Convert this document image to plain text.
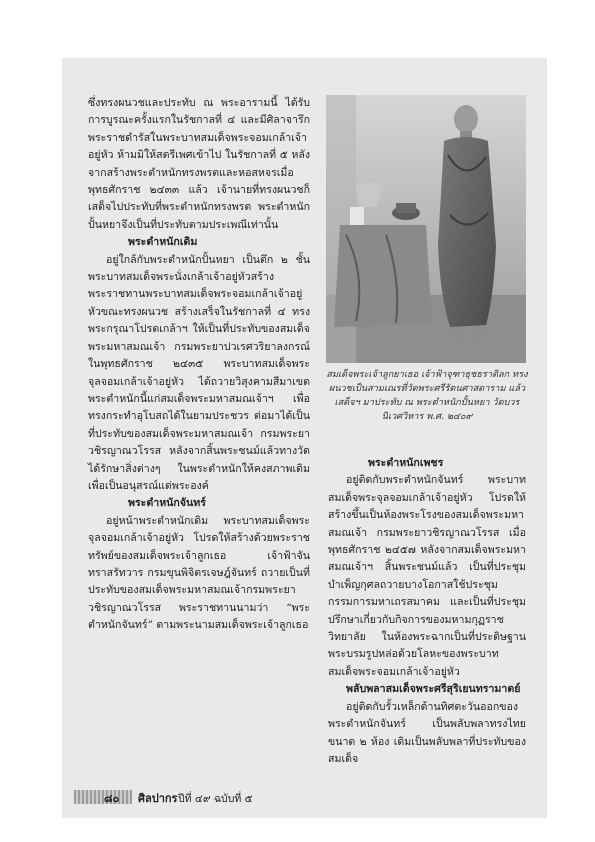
ซึ่งทรงผนวชและประทับ ณ พระอารามนี้ ได้รับการบูรณะครั้งแรกในรัชกาลที่ ๔ และมีศิลาจารึกพระราชดำรัสในพระบาทสมเด็จพระจอมเกล้าเจ้าอยู่หัว ห้ามมิให้สตรีเพศเข้าไป ในรัชกาลที่ ๕ หลังจากสร้างพระตำหนักทรงพรตและหอสหจรเมื่อพุทธศักราช ๒๔๓๓ แล้ว เจ้านายที่ทรงผนวชก็เสด็จไปประทับที่พระตำหนักทรงพรต พระตำหนักปั้นหยาจึงเป็นที่ประทับตามประเพณีเท่านั้น

พระตำหนักเดิม

อยู่ใกล้กับพระตำหนักปั้นหยา เป็นตึก ๒ ชั้น พระบาทสมเด็จพระนั่งเกล้าเจ้าอยู่หัวสร้างพระราชทานพระบาทสมเด็จพระจอมเกล้าเจ้าอยู่หัวขณะทรงผนวช สร้างเสร็จในรัชกาลที่ ๔ ทรงพระกรุณาโปรดเกล้าฯ ให้เป็นที่ประทับของสมเด็จพระมหาสมณเจ้า กรมพระยาปวเรศวริยาลงกรณ์ ในพุทธศักราช ๒๔๓๕ พระบาทสมเด็จพระจุลจอมเกล้าเจ้าอยู่หัว ได้ถวายวิสุงคามสีมาเขตพระตำหนักนี้แก่สมเด็จพระมหาสมณเจ้าฯ เพื่อทรงกระทำอุโบสถได้ในยามประชวร ต่อมาได้เป็นที่ประทับของสมเด็จพระมหาสมณเจ้า กรมพระยาวชิรญาณวโรรส หลังจากสิ้นพระชนม์แล้วทางวัดได้รักษาสิ่งต่างๆ ในพระตำหนักให้คงสภาพเดิมเพื่อเป็นอนุสรณ์แด่พระองค์

พระตำหนักจันทร์

อยู่หน้าพระตำหนักเดิม พระบาทสมเด็จพระจุลจอมเกล้าเจ้าอยู่หัว โปรดให้สร้างด้วยพระราชทรัพย์ของสมเด็จพระเจ้าลูกเธอ เจ้าฟ้าจันทราสรัทวาร กรมขุนพิจิตรเจษฎ์จันทร์ ถวายเป็นที่ประทับของสมเด็จพระมหาสมณเจ้ากรมพระยาวชิรญาณวโรรส พระราชทานนามว่า “พระตำหนักจันทร์” ตามพระนามสมเด็จพระเจ้าลูกเธอ

สมเด็จพระเจ้าลูกยาเธอ เจ้าฟ้าจุฑาธุชธราดิลก ทรงผนวชเป็นสามเณรที่วัดพระศรีรัตนศาสดาราม แล้วเสด็จฯ มาประทับ ณ พระตำหนักปั้นหยา วัดบวรนิเวศวิหาร พ.ศ. ๒๔๐๙

พระตำหนักเพชร

อยู่ติดกับพระตำหนักจันทร์ พระบาทสมเด็จพระจุลจอมเกล้าเจ้าอยู่หัว โปรดให้สร้างขึ้นเป็นห้องพระโรงของสมเด็จพระมหาสมณเจ้า กรมพระยาวชิรญาณวโรรส เมื่อพุทธศักราช ๒๔๕๗ หลังจากสมเด็จพระมหาสมณเจ้าฯ สิ้นพระชนม์แล้ว เป็นที่ประชุมบำเพ็ญกุศลถวายบางโอกาสใช้ประชุมกรรมการมหาเถรสมาคม และเป็นที่ประชุมปรึกษาเกี่ยวกับกิจการของมหามกุฏราชวิทยาลัย ในห้องพระฉากเป็นที่ประดิษฐานพระบรมรูปหล่อด้วยโลหะของพระบาทสมเด็จพระจอมเกล้าเจ้าอยู่หัว

พลับพลาสมเด็จพระศรีสุริเยนทรามาตย์

อยู่ติดกับรั้วเหล็กด้านทิศตะวันออกของพระตำหนักจันทร์ เป็นพลับพลาทรงไทยขนาด ๒ ห้อง เดิมเป็นพลับพลาที่ประทับของสมเด็จ

๘๐ ศิลปากร ปีที่ ๔๙ ฉบับที่ ๕
